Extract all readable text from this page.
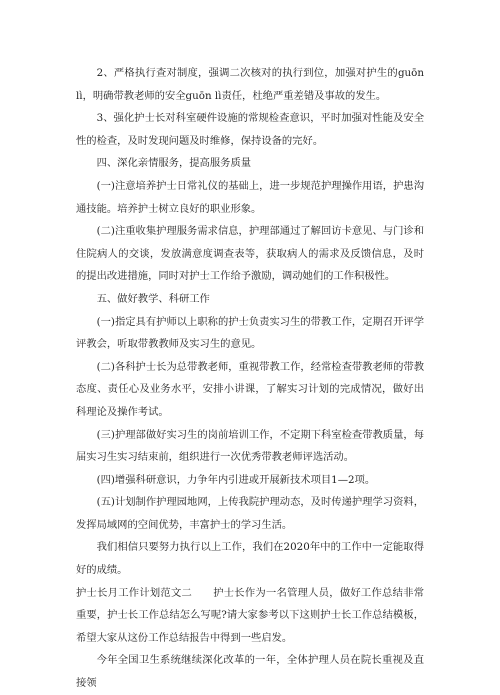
2、严格执行查对制度，强调二次核对的执行到位，加强对护生的guōn lì，明确带教老师的安全guōn lì责任，杜绝严重差错及事故的发生。

3、强化护士长对科室硬件设施的常规检查意识，平时加强对性能及安全性的检查，及时发现问题及时维修，保持设备的完好。

四、深化亲情服务，提高服务质量

(一)注意培养护士日常礼仪的基础上，进一步规范护理操作用语，护患沟通技能。培养护士树立良好的职业形象。

(二)注重收集护理服务需求信息，护理部通过了解回访卡意见、与门诊和住院病人的交谈，发放满意度调查表等，获取病人的需求及反馈信息，及时的提出改进措施，同时对护士工作给予激励，调动她们的工作积极性。

五、做好教学、科研工作

(一)指定具有护师以上职称的护士负责实习生的带教工作，定期召开评学评教会，听取带教教师及实习生的意见。

(二)各科护士长为总带教老师，重视带教工作，经常检查带教老师的带教态度、责任心及业务水平，安排小讲课，了解实习计划的完成情况，做好出科理论及操作考试。

(三)护理部做好实习生的岗前培训工作，不定期下科室检查带教质量，每届实习生实习结束前，组织进行一次优秀带教老师评选活动。

(四)增强科研意识，力争年内引进或开展新技术项目1—2项。

(五)计划制作护理园地网，上传我院护理动态，及时传递护理学习资料，发挥局域网的空间优势，丰富护士的学习生活。

我们相信只要努力执行以上工作，我们在2020年中的工作中一定能取得好的成绩。

护士长月工作计划范文二　　护士长作为一名管理人员，做好工作总结非常重要，护士长工作总结怎么写呢?请大家参考以下这则护士长工作总结模板，希望大家从这份工作总结报告中得到一些启发。

今年全国卫生系统继续深化改革的一年，全体护理人员在院长重视及直接领
